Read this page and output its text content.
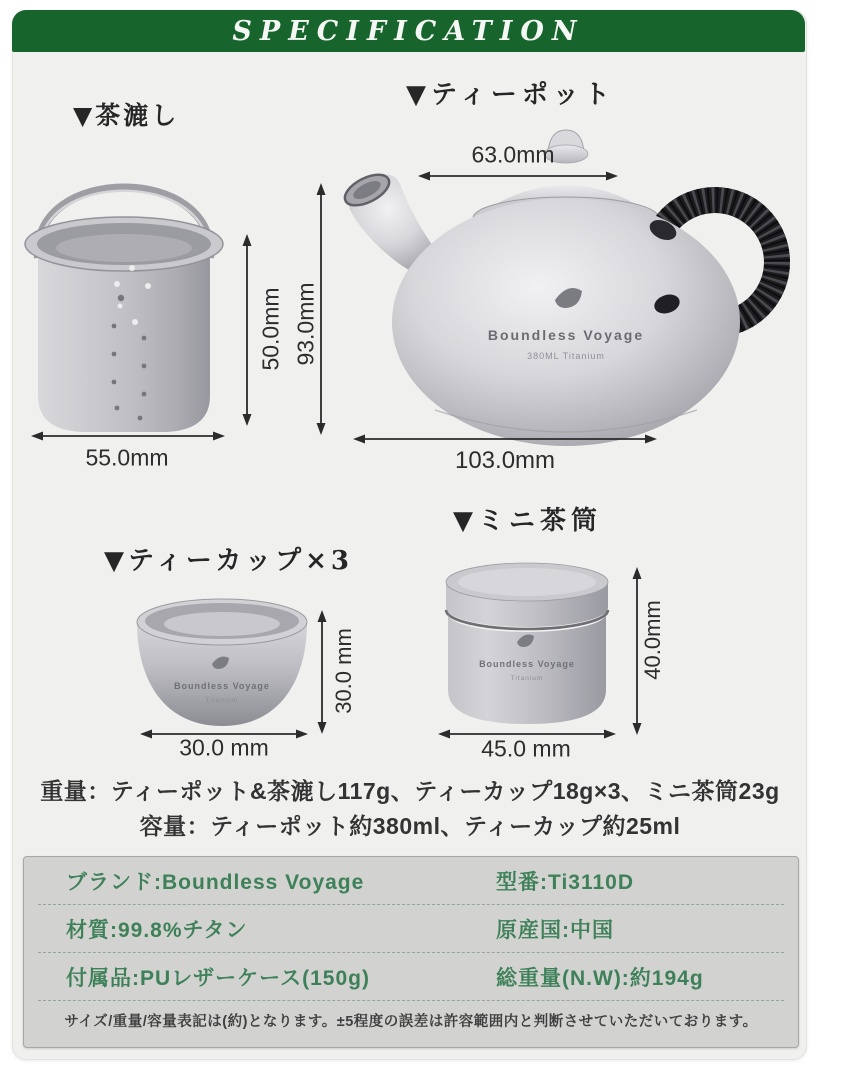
SPECIFICATION
▼茶漉し
50.0mm
55.0mm
▼ティーポット
Boundless Voyage
380ML Titanium
63.0mm
93.0mm
103.0mm
▼ティーカップ×3
Boundless Voyage
Titanium	30.0 mm
30.0 mm
▼ミニ茶筒
Boundless Voyage
Titanium	40.0mm
45.0 mm
重量：ティーポット&茶漉し117g、ティーカップ18g×3、ミニ茶筒23g
容量：ティーポット約380ml、ティーカップ約25ml
ブランド:Boundless Voyage	型番:Ti3110D
材質:99.8%チタン	原産国:中国
付属品:PUレザーケース(150g)	総重量(N.W):約194g
サイズ/重量/容量表記は(約)となります。±5程度の誤差は許容範囲内と判断させていただいております。
